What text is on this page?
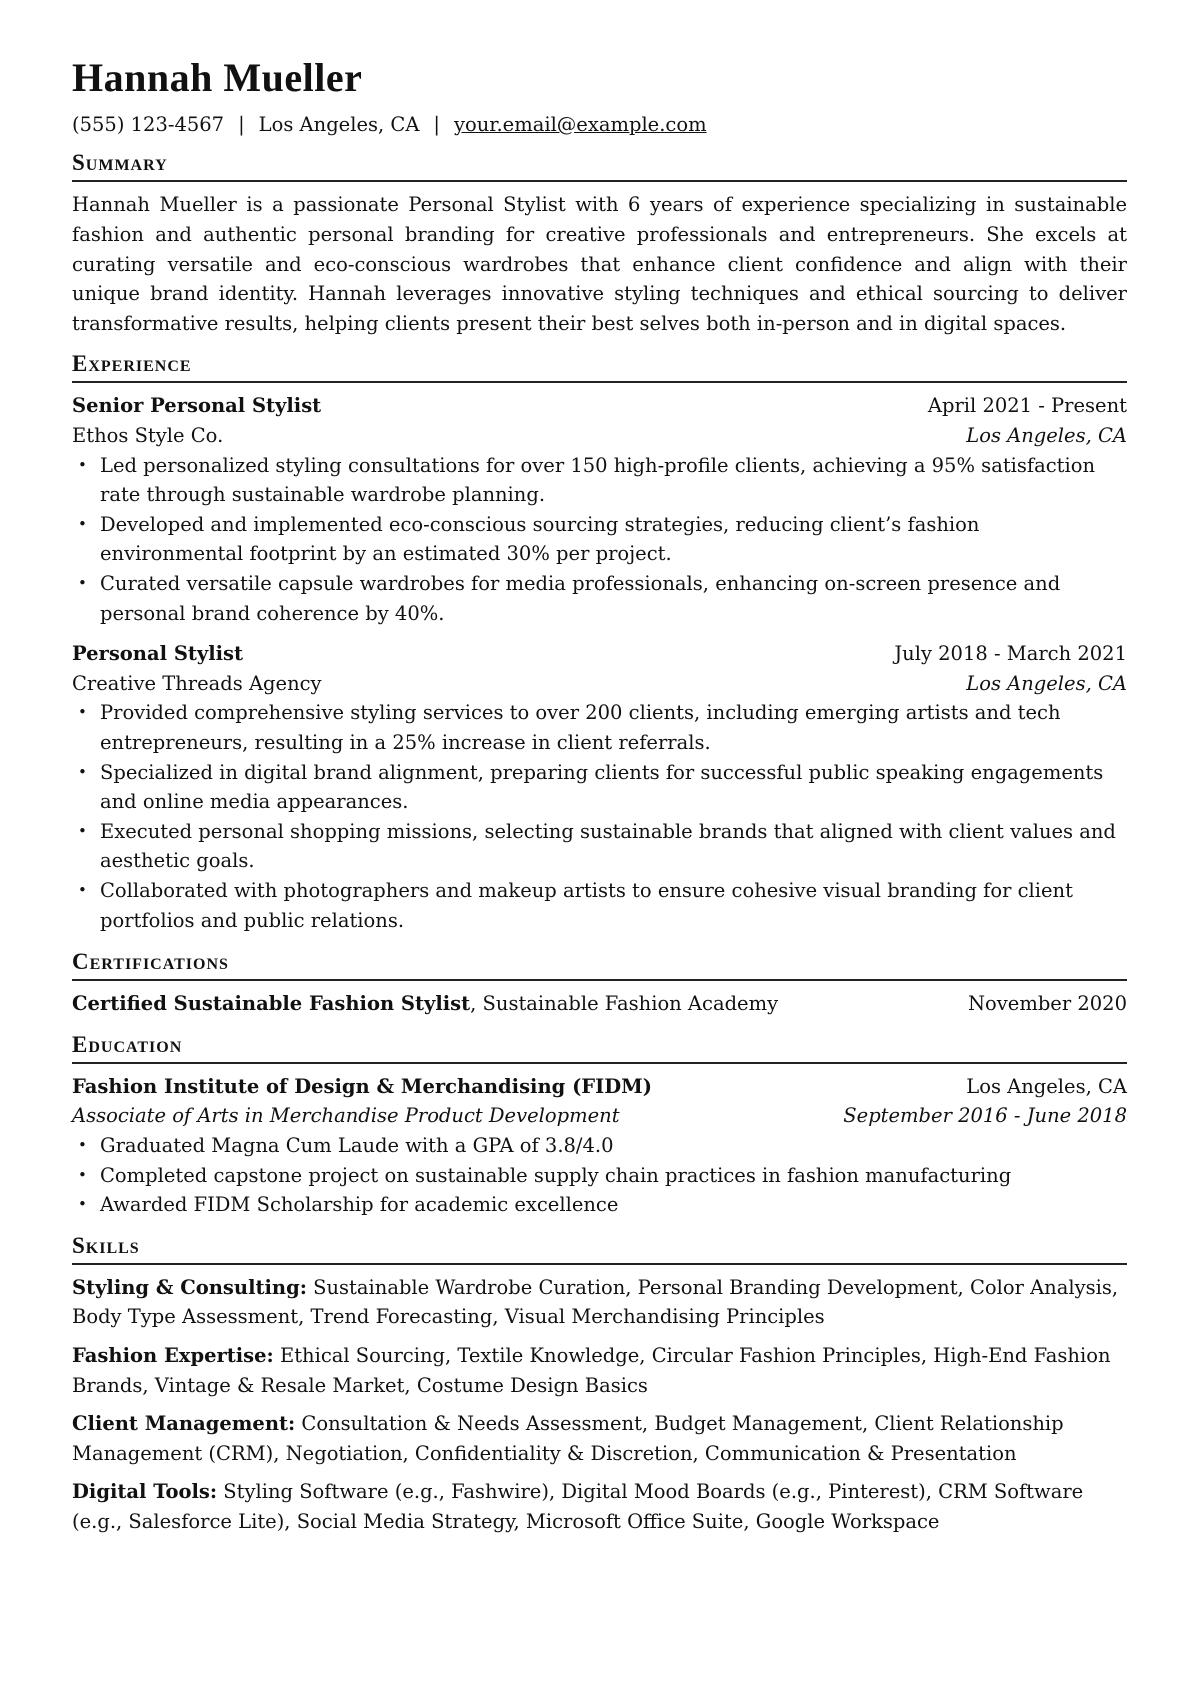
Hannah Mueller
(555) 123-4567 | Los Angeles, CA | your.email@example.com
Summary

Hannah Mueller is a passionate Personal Stylist with 6 years of experience specializing in sustainable fashion and authentic personal branding for creative professionals and entrepreneurs. She excels at curating versatile and eco-conscious wardrobes that enhance client confidence and align with their unique brand identity. Hannah leverages innovative styling techniques and ethical sourcing to deliver transformative results, helping clients present their best selves both in-person and in digital spaces.

Experience
Senior Personal Stylist	April 2021 - Present
Ethos Style Co.	Los Angeles, CA
• Led personalized styling consultations for over 150 high-profile clients, achieving a 95% satisfaction rate through sustainable wardrobe planning.
• Developed and implemented eco-conscious sourcing strategies, reducing client’s fashion environmental footprint by an estimated 30% per project.
• Curated versatile capsule wardrobes for media professionals, enhancing on-screen presence and personal brand coherence by 40%.
Personal Stylist	July 2018 - March 2021
Creative Threads Agency	Los Angeles, CA
• Provided comprehensive styling services to over 200 clients, including emerging artists and tech entrepreneurs, resulting in a 25% increase in client referrals.
• Specialized in digital brand alignment, preparing clients for successful public speaking engagements and online media appearances.
• Executed personal shopping missions, selecting sustainable brands that aligned with client values and aesthetic goals.
• Collaborated with photographers and makeup artists to ensure cohesive visual branding for client portfolios and public relations.
Certifications
Certified Sustainable Fashion Stylist, Sustainable Fashion Academy	November 2020
Education
Fashion Institute of Design & Merchandising (FIDM)	Los Angeles, CA
Associate of Arts in Merchandise Product Development	September 2016 - June 2018
• Graduated Magna Cum Laude with a GPA of 3.8/4.0
• Completed capstone project on sustainable supply chain practices in fashion manufacturing
• Awarded FIDM Scholarship for academic excellence
Skills
Styling & Consulting: Sustainable Wardrobe Curation, Personal Branding Development, Color Analysis, Body Type Assessment, Trend Forecasting, Visual Merchandising Principles
Fashion Expertise: Ethical Sourcing, Textile Knowledge, Circular Fashion Principles, High-End Fashion Brands, Vintage & Resale Market, Costume Design Basics
Client Management: Consultation & Needs Assessment, Budget Management, Client Relationship Management (CRM), Negotiation, Confidentiality & Discretion, Communication & Presentation
Digital Tools: Styling Software (e.g., Fashwire), Digital Mood Boards (e.g., Pinterest), CRM Software (e.g., Salesforce Lite), Social Media Strategy, Microsoft Office Suite, Google Workspace
